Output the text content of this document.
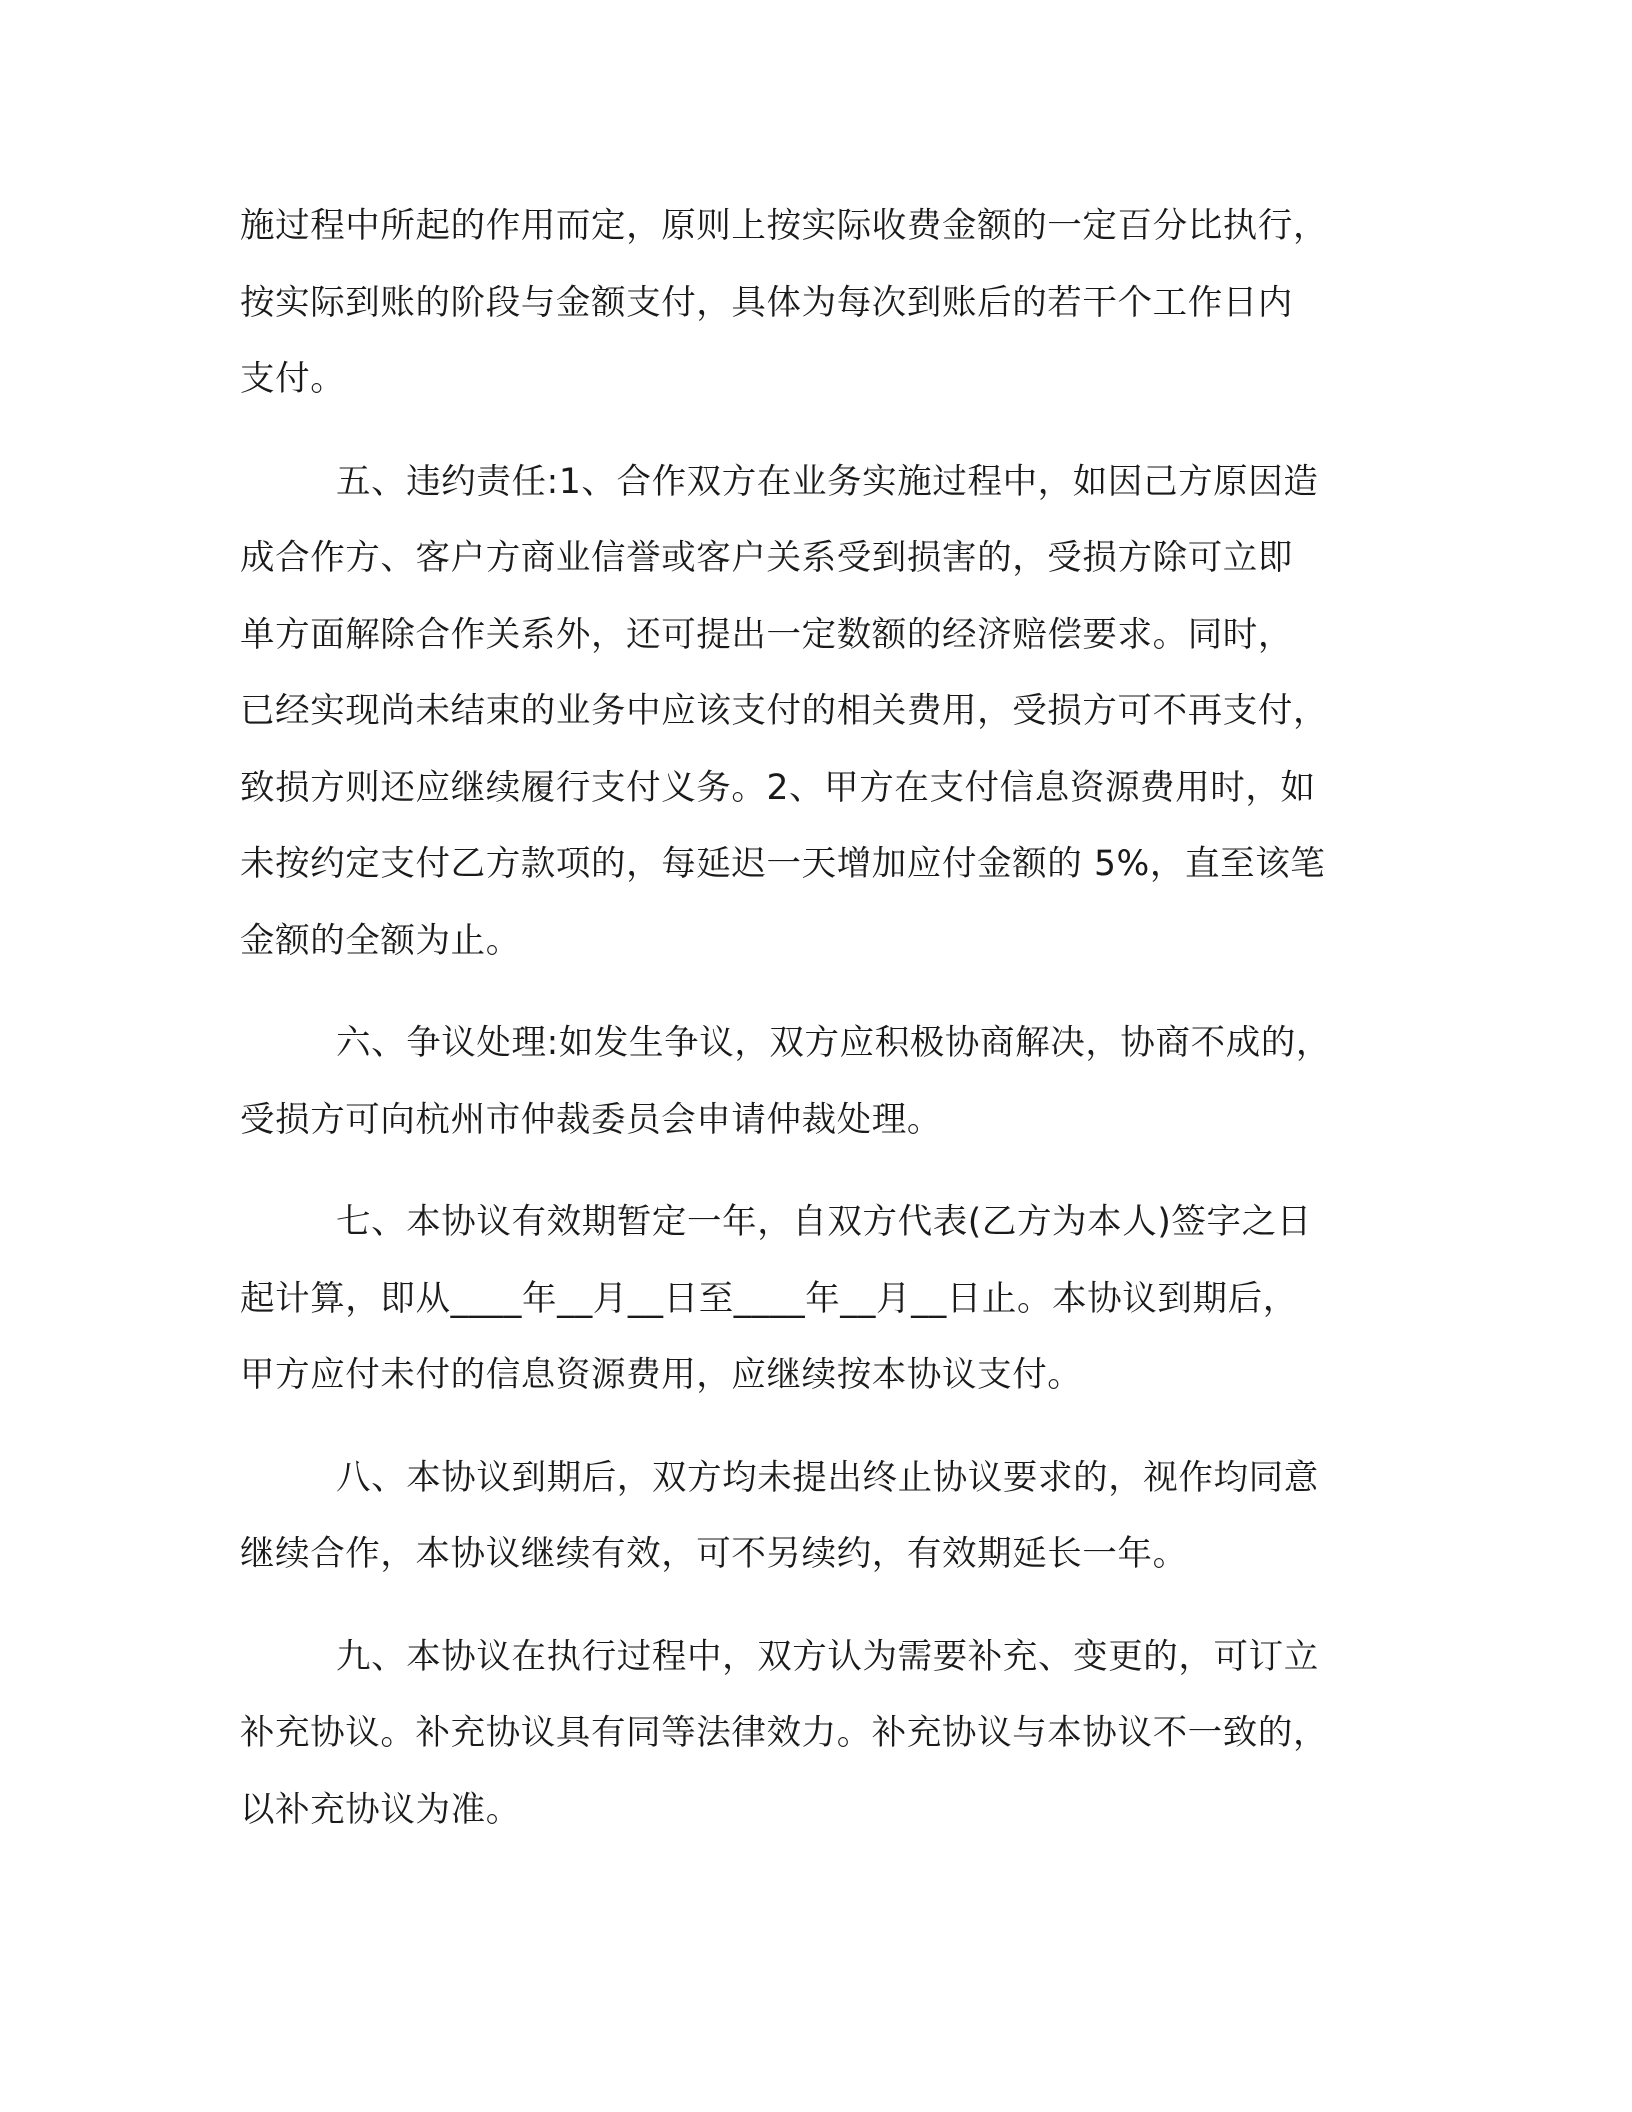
施过程中所起的作用而定，原则上按实际收费金额的一定百分比执行，
按实际到账的阶段与金额支付，具体为每次到账后的若干个工作日内
支付。

五、违约责任:1、合作双方在业务实施过程中，如因己方原因造
成合作方、客户方商业信誉或客户关系受到损害的，受损方除可立即
单方面解除合作关系外，还可提出一定数额的经济赔偿要求。同时，
已经实现尚未结束的业务中应该支付的相关费用，受损方可不再支付，
致损方则还应继续履行支付义务。2、甲方在支付信息资源费用时，如
未按约定支付乙方款项的，每延迟一天增加应付金额的 5%，直至该笔
金额的全额为止。

六、争议处理:如发生争议，双方应积极协商解决，协商不成的，
受损方可向杭州市仲裁委员会申请仲裁处理。

七、本协议有效期暂定一年，自双方代表(乙方为本人)签字之日
起计算，即从____年__月__日至____年__月__日止。本协议到期后，
甲方应付未付的信息资源费用，应继续按本协议支付。

八、本协议到期后，双方均未提出终止协议要求的，视作均同意
继续合作，本协议继续有效，可不另续约，有效期延长一年。

九、本协议在执行过程中，双方认为需要补充、变更的，可订立
补充协议。补充协议具有同等法律效力。补充协议与本协议不一致的，
以补充协议为准。
